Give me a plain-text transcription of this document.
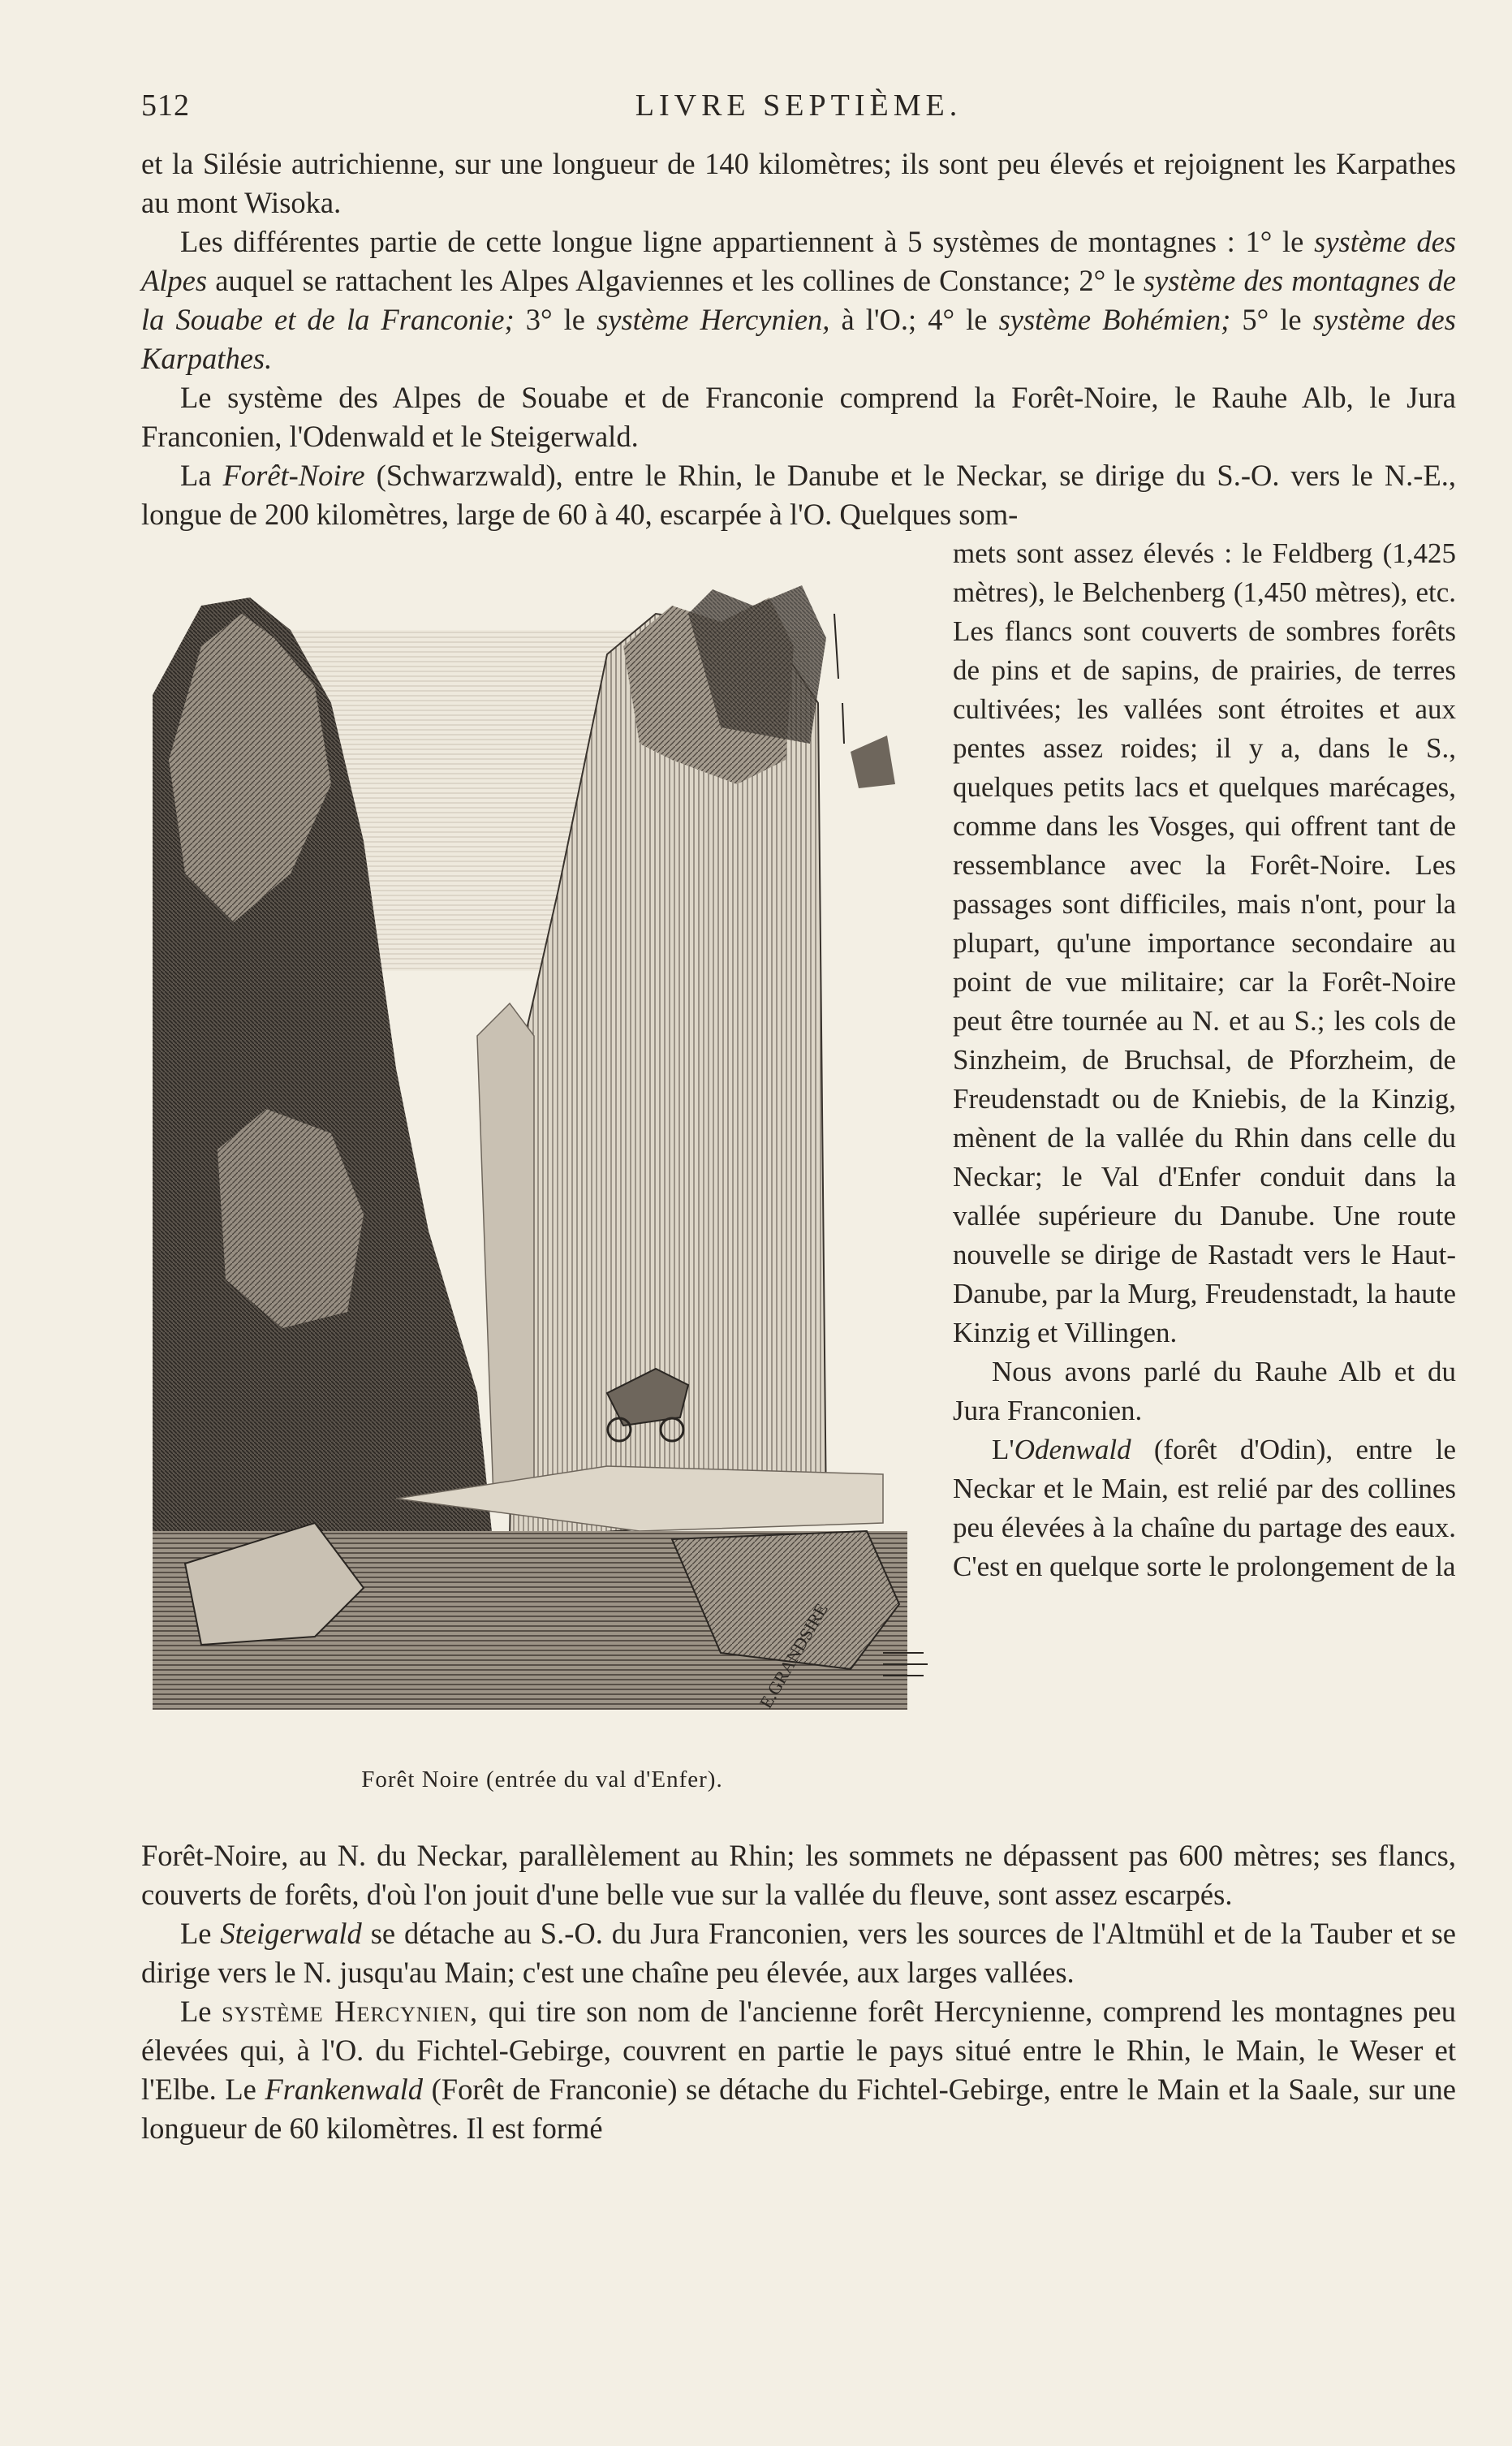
512	LIVRE SEPTIÈME.

et la Silésie autrichienne, sur une longueur de 140 kilomètres; ils sont peu élevés et rejoignent les Karpathes au mont Wisoka.

Les différentes partie de cette longue ligne appartiennent à 5 systèmes de montagnes : 1° le système des Alpes auquel se rattachent les Alpes Algaviennes et les collines de Constance; 2° le système des montagnes de la Souabe et de la Franconie; 3° le système Hercynien, à l'O.; 4° le système Bohémien; 5° le système des Karpathes.

Le système des Alpes de Souabe et de Franconie comprend la Forêt-Noire, le Rauhe Alb, le Jura Franconien, l'Odenwald et le Steigerwald.

La Forêt-Noire (Schwarzwald), entre le Rhin, le Danube et le Neckar, se dirige du S.-O. vers le N.-E., longue de 200 kilomètres, large de 60 à 40, escarpée à l'O. Quelques som-

E.GRANDSIRE
Forêt Noire (entrée du val d'Enfer).

mets sont assez élevés : le Feldberg (1,425 mètres), le Belchenberg (1,450 mètres), etc. Les flancs sont couverts de sombres forêts de pins et de sapins, de prairies, de terres cultivées; les vallées sont étroites et aux pentes assez roides; il y a, dans le S., quelques petits lacs et quelques marécages, comme dans les Vosges, qui offrent tant de ressemblance avec la Forêt-Noire. Les passages sont difficiles, mais n'ont, pour la plupart, qu'une importance secondaire au point de vue militaire; car la Forêt-Noire peut être tournée au N. et au S.; les cols de Sinzheim, de Bruchsal, de Pforzheim, de Freudenstadt ou de Kniebis, de la Kinzig, mènent de la vallée du Rhin dans celle du Neckar; le Val d'Enfer conduit dans la vallée supérieure du Danube. Une route nouvelle se dirige de Rastadt vers le Haut-Danube, par la Murg, Freudenstadt, la haute Kinzig et Villingen.

Nous avons parlé du Rauhe Alb et du Jura Franconien.

L'Odenwald (forêt d'Odin), entre le Neckar et le Main, est relié par des collines peu élevées à la chaîne du partage des eaux. C'est en quelque sorte le prolongement de la

Forêt-Noire, au N. du Neckar, parallèlement au Rhin; les sommets ne dépassent pas 600 mètres; ses flancs, couverts de forêts, d'où l'on jouit d'une belle vue sur la vallée du fleuve, sont assez escarpés.

Le Steigerwald se détache au S.-O. du Jura Franconien, vers les sources de l'Altmühl et de la Tauber et se dirige vers le N. jusqu'au Main; c'est une chaîne peu élevée, aux larges vallées.

Le système Hercynien, qui tire son nom de l'ancienne forêt Hercynienne, comprend les montagnes peu élevées qui, à l'O. du Fichtel-Gebirge, couvrent en partie le pays situé entre le Rhin, le Main, le Weser et l'Elbe. Le Frankenwald (Forêt de Franconie) se détache du Fichtel-Gebirge, entre le Main et la Saale, sur une longueur de 60 kilomètres. Il est formé
